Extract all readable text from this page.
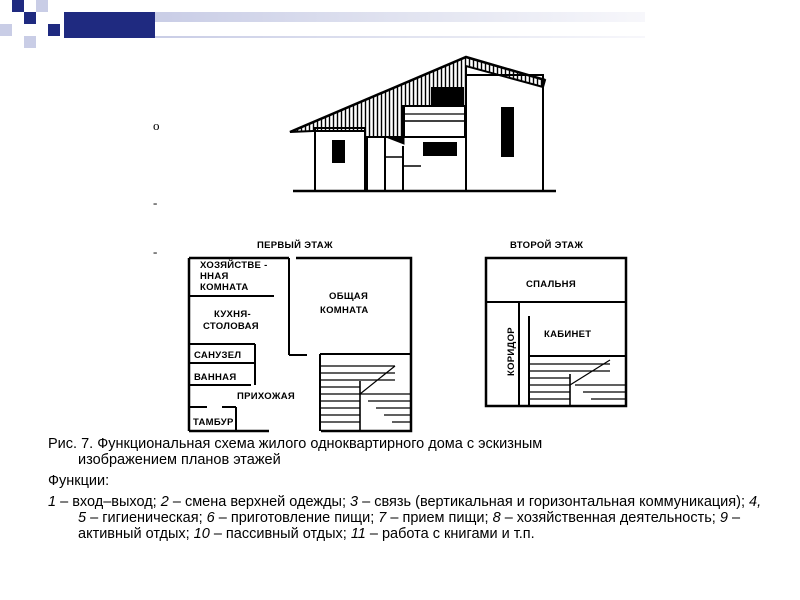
o
-
-	ПЕРВЫЙ ЭТАЖ
ХОЗЯЙСТВЕ -
ННАЯ
КОМНАТА
КУХНЯ-
СТОЛОВАЯ
ОБЩАЯ
КОМНАТА
САНУЗЕЛ
ВАННАЯ
ПРИХОЖАЯ
ТАМБУР
ВТОРОЙ ЭТАЖ
СПАЛЬНЯ
КАБИНЕТ
КОРИДОР

Рис. 7. Функциональная схема жилого одноквартирного дома с эскизным
изображением планов этажей

Функции:

1 – вход–выход; 2 – смена верхней одежды; 3 – связь (вертикальная и горизонтальная коммуникация); 4, 5 – гигиеническая; 6 – приготовление пищи; 7 – прием пищи; 8 – хозяйственная деятельность; 9 – активный отдых; 10 – пассивный отдых; 11 – работа с книгами и т.п.
